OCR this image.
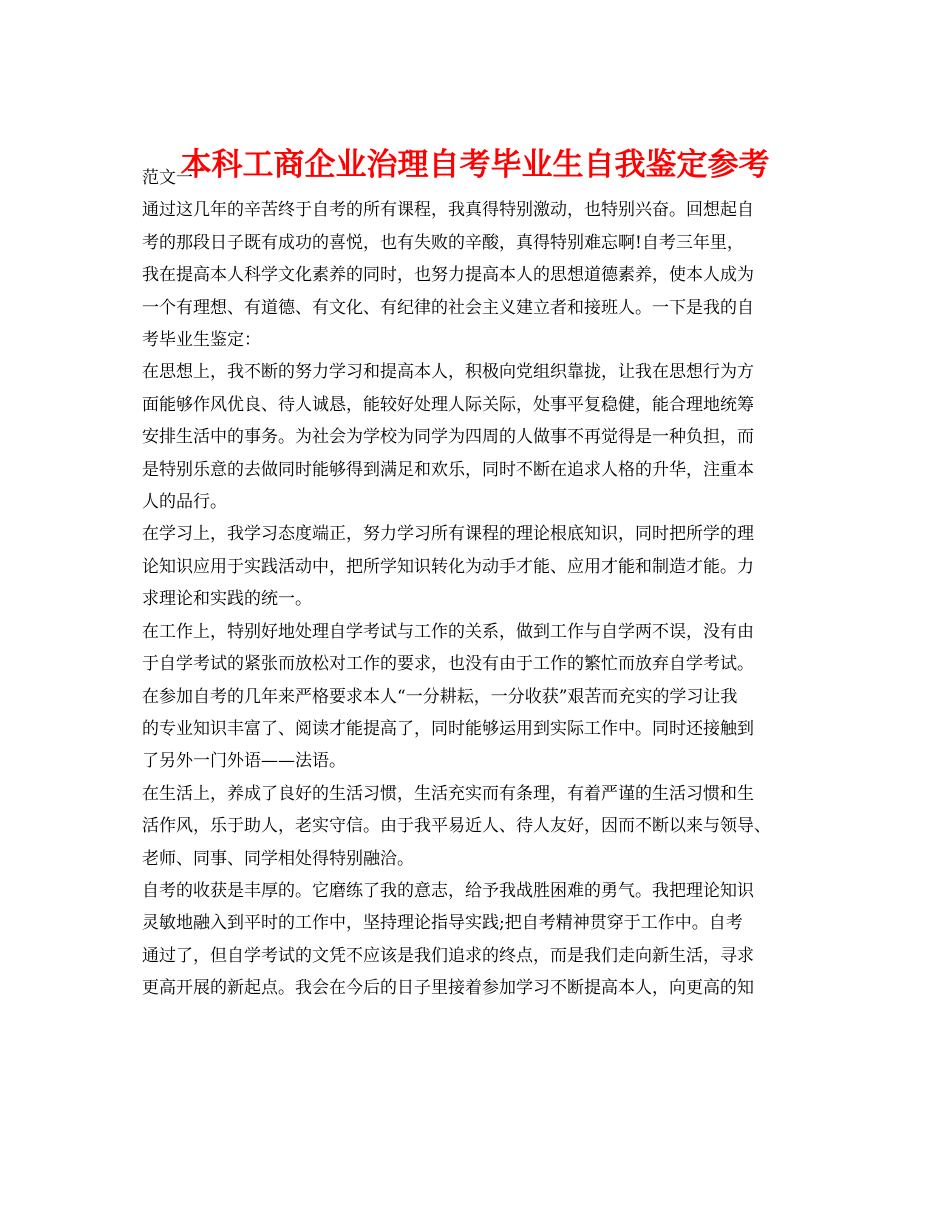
本科工商企业治理自考毕业生自我鉴定参考

范文一

通过这几年的辛苦终于自考的所有课程，我真得特别激动，也特别兴奋。回想起自
考的那段日子既有成功的喜悦，也有失败的辛酸，真得特别难忘啊!自考三年里，
我在提高本人科学文化素养的同时，也努力提高本人的思想道德素养，使本人成为
一个有理想、有道德、有文化、有纪律的社会主义建立者和接班人。一下是我的自
考毕业生鉴定：

在思想上，我不断的努力学习和提高本人，积极向党组织靠拢，让我在思想行为方
面能够作风优良、待人诚恳，能较好处理人际关际，处事平复稳健，能合理地统筹
安排生活中的事务。为社会为学校为同学为四周的人做事不再觉得是一种负担，而
是特别乐意的去做同时能够得到满足和欢乐，同时不断在追求人格的升华，注重本
人的品行。

在学习上，我学习态度端正，努力学习所有课程的理论根底知识，同时把所学的理
论知识应用于实践活动中，把所学知识转化为动手才能、应用才能和制造才能。力
求理论和实践的统一。

在工作上，特别好地处理自学考试与工作的关系，做到工作与自学两不误，没有由
于自学考试的紧张而放松对工作的要求，也没有由于工作的繁忙而放弃自学考试。
在参加自考的几年来严格要求本人“一分耕耘，一分收获”艰苦而充实的学习让我
的专业知识丰富了、阅读才能提高了，同时能够运用到实际工作中。同时还接触到
了另外一门外语——法语。

在生活上，养成了良好的生活习惯，生活充实而有条理，有着严谨的生活习惯和生
活作风，乐于助人，老实守信。由于我平易近人、待人友好，因而不断以来与领导、
老师、同事、同学相处得特别融洽。

自考的收获是丰厚的。它磨练了我的意志，给予我战胜困难的勇气。我把理论知识
灵敏地融入到平时的工作中，坚持理论指导实践;把自考精神贯穿于工作中。自考
通过了，但自学考试的文凭不应该是我们追求的终点，而是我们走向新生活，寻求
更高开展的新起点。我会在今后的日子里接着参加学习不断提高本人，向更高的知
